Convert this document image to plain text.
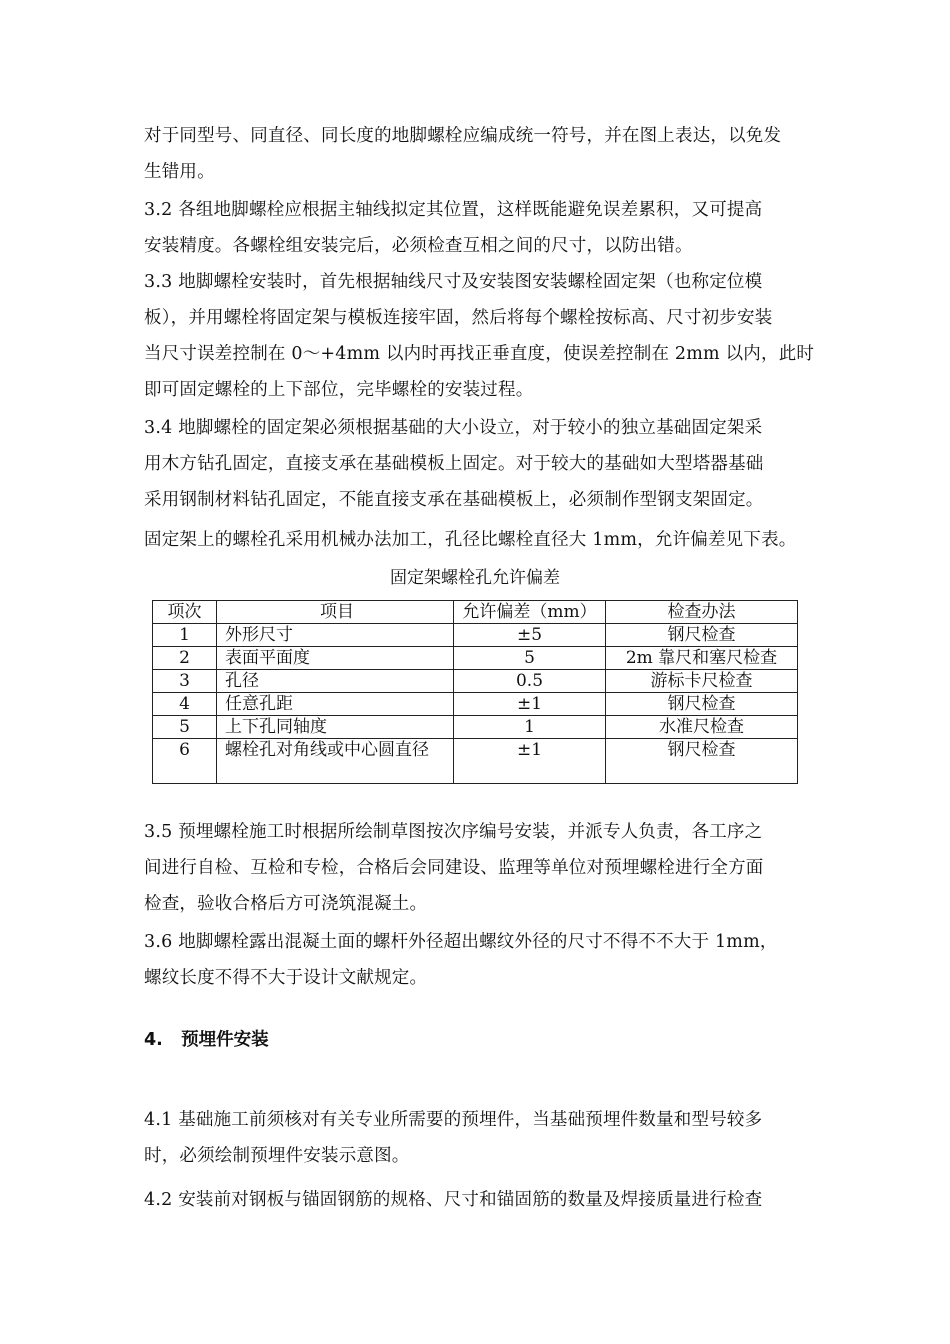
对于同型号、同直径、同长度的地脚螺栓应编成统一符号，并在图上表达，以免发
生错用。
3.2 各组地脚螺栓应根据主轴线拟定其位置，这样既能避免误差累积，又可提高
安装精度。各螺栓组安装完后，必须检查互相之间的尺寸，以防出错。
3.3 地脚螺栓安装时，首先根据轴线尺寸及安装图安装螺栓固定架（也称定位模
板），并用螺栓将固定架与模板连接牢固，然后将每个螺栓按标高、尺寸初步安装
当尺寸误差控制在 0～+4mm 以内时再找正垂直度，使误差控制在 2mm 以内，此时
即可固定螺栓的上下部位，完毕螺栓的安装过程。
3.4 地脚螺栓的固定架必须根据基础的大小设立，对于较小的独立基础固定架采
用木方钻孔固定，直接支承在基础模板上固定。对于较大的基础如大型塔器基础
采用钢制材料钻孔固定，不能直接支承在基础模板上，必须制作型钢支架固定。
固定架上的螺栓孔采用机械办法加工，孔径比螺栓直径大 1mm，允许偏差见下表。
固定架螺栓孔允许偏差
项次	项目	允许偏差（mm）	检查办法
1	外形尺寸	±5	钢尺检查
2	表面平面度	5	2m 靠尺和塞尺检查
3	孔径	0.5	游标卡尺检查
4	任意孔距	±1	钢尺检查
5	上下孔同轴度	1	水准尺检查
6	螺栓孔对角线或中心圆直径	±1	钢尺检查
3.5 预埋螺栓施工时根据所绘制草图按次序编号安装，并派专人负责，各工序之
间进行自检、互检和专检，合格后会同建设、监理等单位对预埋螺栓进行全方面
检查，验收合格后方可浇筑混凝土。
3.6 地脚螺栓露出混凝土面的螺杆外径超出螺纹外径的尺寸不得不不大于 1mm，
螺纹长度不得不大于设计文献规定。
4.   预埋件安装
4.1 基础施工前须核对有关专业所需要的预埋件，当基础预埋件数量和型号较多
时，必须绘制预埋件安装示意图。
4.2 安装前对钢板与锚固钢筋的规格、尺寸和锚固筋的数量及焊接质量进行检查
